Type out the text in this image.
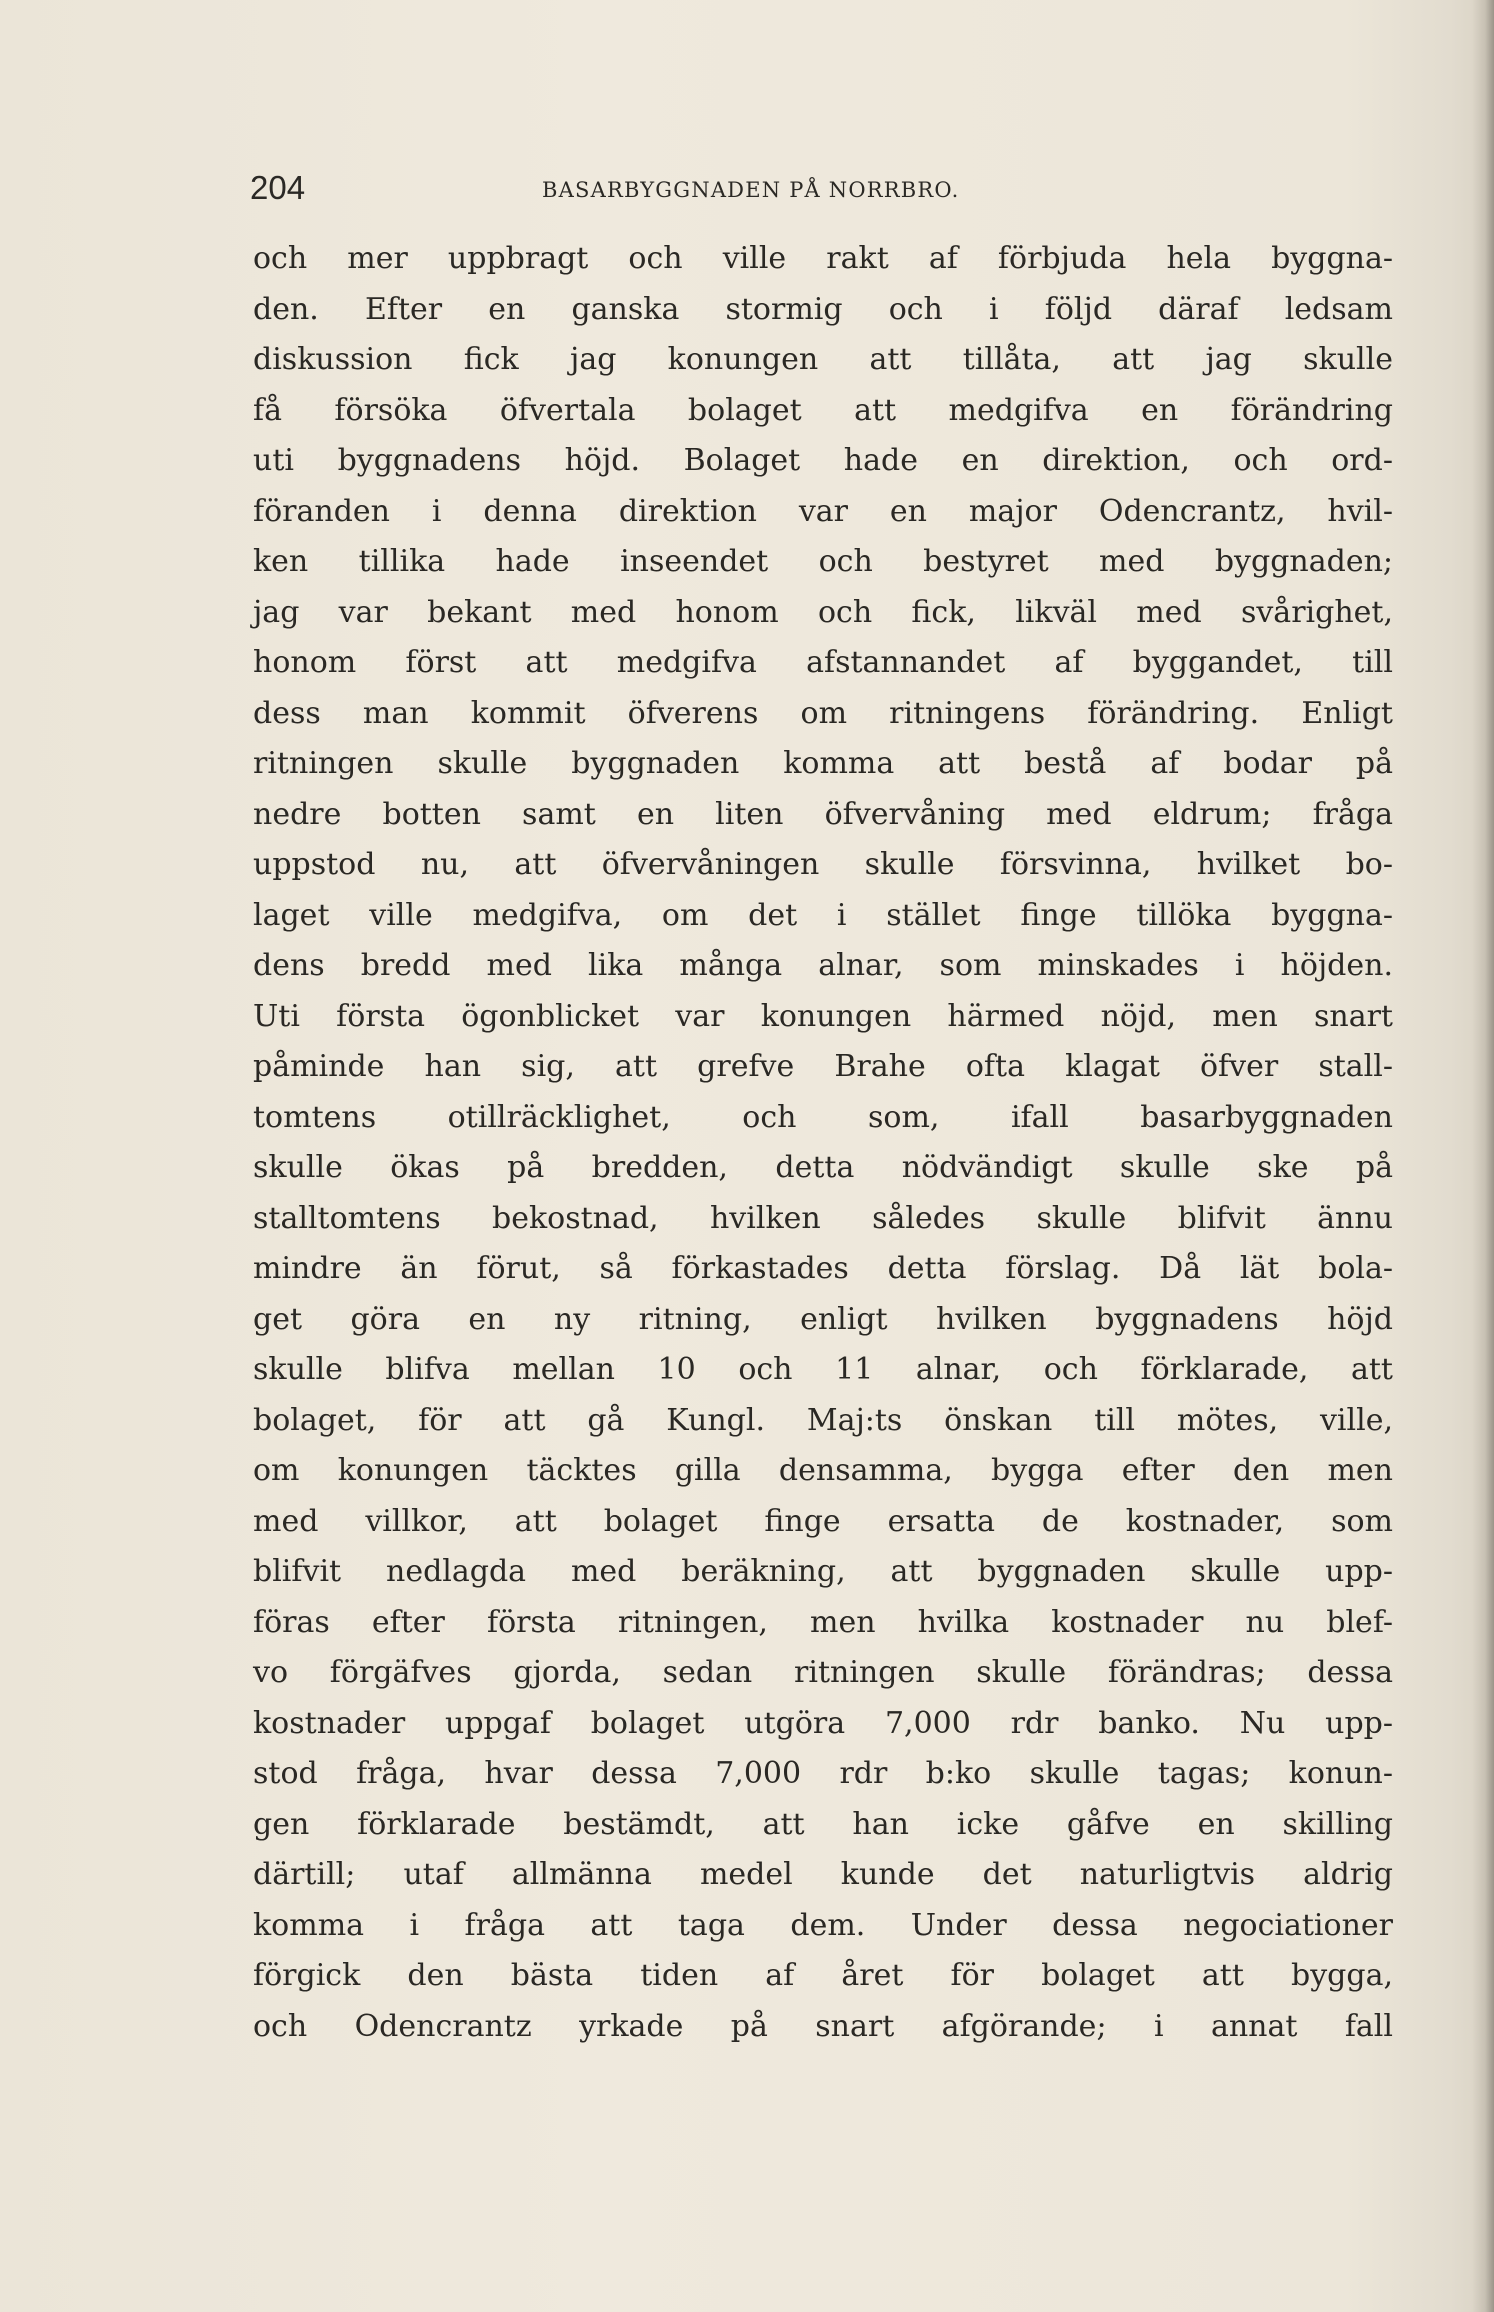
204	BASARBYGGNADEN PÅ NORRBRO.
och mer uppbragt och ville rakt af förbjuda hela byggna-
den. Efter en ganska stormig och i följd däraf ledsam
diskussion fick jag konungen att tillåta, att jag skulle
få försöka öfvertala bolaget att medgifva en förändring
uti byggnadens höjd. Bolaget hade en direktion, och ord-
föranden i denna direktion var en major Odencrantz, hvil-
ken tillika hade inseendet och bestyret med byggnaden;
jag var bekant med honom och fick, likväl med svårighet,
honom först att medgifva afstannandet af byggandet, till
dess man kommit öfverens om ritningens förändring. Enligt
ritningen skulle byggnaden komma att bestå af bodar på
nedre botten samt en liten öfvervåning med eldrum; fråga
uppstod nu, att öfvervåningen skulle försvinna, hvilket bo-
laget ville medgifva, om det i stället finge tillöka byggna-
dens bredd med lika många alnar, som minskades i höjden.
Uti första ögonblicket var konungen härmed nöjd, men snart
påminde han sig, att grefve Brahe ofta klagat öfver stall-
tomtens otillräcklighet, och som, ifall basarbyggnaden
skulle ökas på bredden, detta nödvändigt skulle ske på
stalltomtens bekostnad, hvilken således skulle blifvit ännu
mindre än förut, så förkastades detta förslag. Då lät bola-
get göra en ny ritning, enligt hvilken byggnadens höjd
skulle blifva mellan 10 och 11 alnar, och förklarade, att
bolaget, för att gå Kungl. Maj:ts önskan till mötes, ville,
om konungen täcktes gilla densamma, bygga efter den men
med villkor, att bolaget finge ersatta de kostnader, som
blifvit nedlagda med beräkning, att byggnaden skulle upp-
föras efter första ritningen, men hvilka kostnader nu blef-
vo förgäfves gjorda, sedan ritningen skulle förändras; dessa
kostnader uppgaf bolaget utgöra 7,000 rdr banko. Nu upp-
stod fråga, hvar dessa 7,000 rdr b:ko skulle tagas; konun-
gen förklarade bestämdt, att han icke gåfve en skilling
därtill; utaf allmänna medel kunde det naturligtvis aldrig
komma i fråga att taga dem. Under dessa negociationer
förgick den bästa tiden af året för bolaget att bygga,
och Odencrantz yrkade på snart afgörande; i annat fall
